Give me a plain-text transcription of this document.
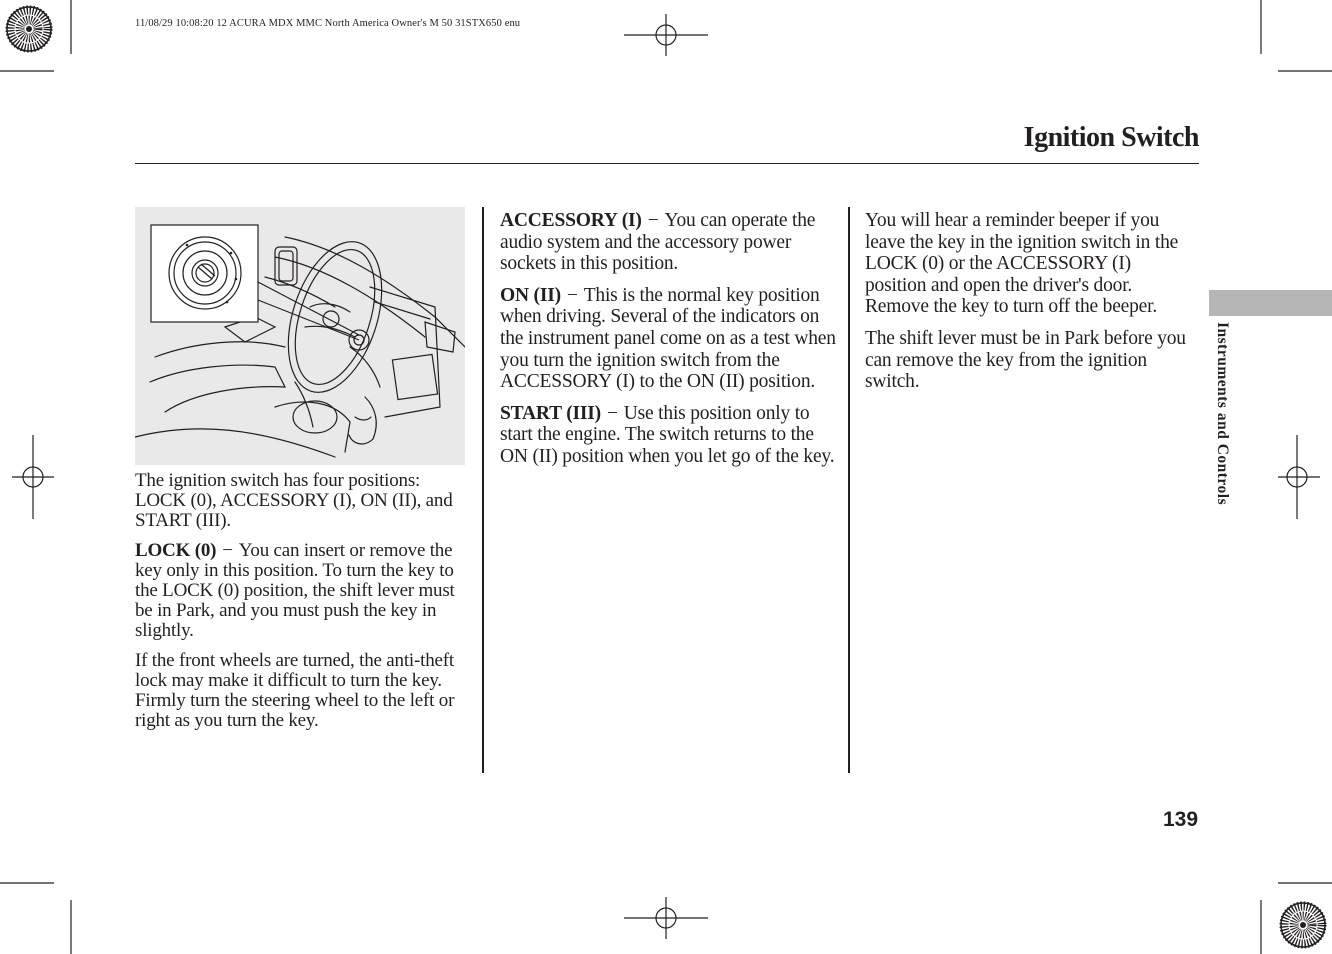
11/08/29 10:08:20 12 ACURA MDX MMC North America Owner's M 50 31STX650 enu
Ignition Switch

The ignition switch has four positions: LOCK (0), ACCESSORY (I), ON (II), and START (III).

LOCK (0) − You can insert or remove the key only in this position. To turn the key to the LOCK (0) position, the shift lever must be in Park, and you must push the key in slightly.

If the front wheels are turned, the anti-theft lock may make it difficult to turn the key. Firmly turn the steering wheel to the left or right as you turn the key.

ACCESSORY (I) − You can operate the audio system and the accessory power sockets in this position.

ON (II) − This is the normal key position when driving. Several of the indicators on the instrument panel come on as a test when you turn the ignition switch from the ACCESSORY (I) to the ON (II) position.

START (III) − Use this position only to start the engine. The switch returns to the ON (II) position when you let go of the key.

You will hear a reminder beeper if you leave the key in the ignition switch in the LOCK (0) or the ACCESSORY (I) position and open the driver's door. Remove the key to turn off the beeper.

The shift lever must be in Park before you can remove the key from the ignition switch.	Instruments and Controls
139
